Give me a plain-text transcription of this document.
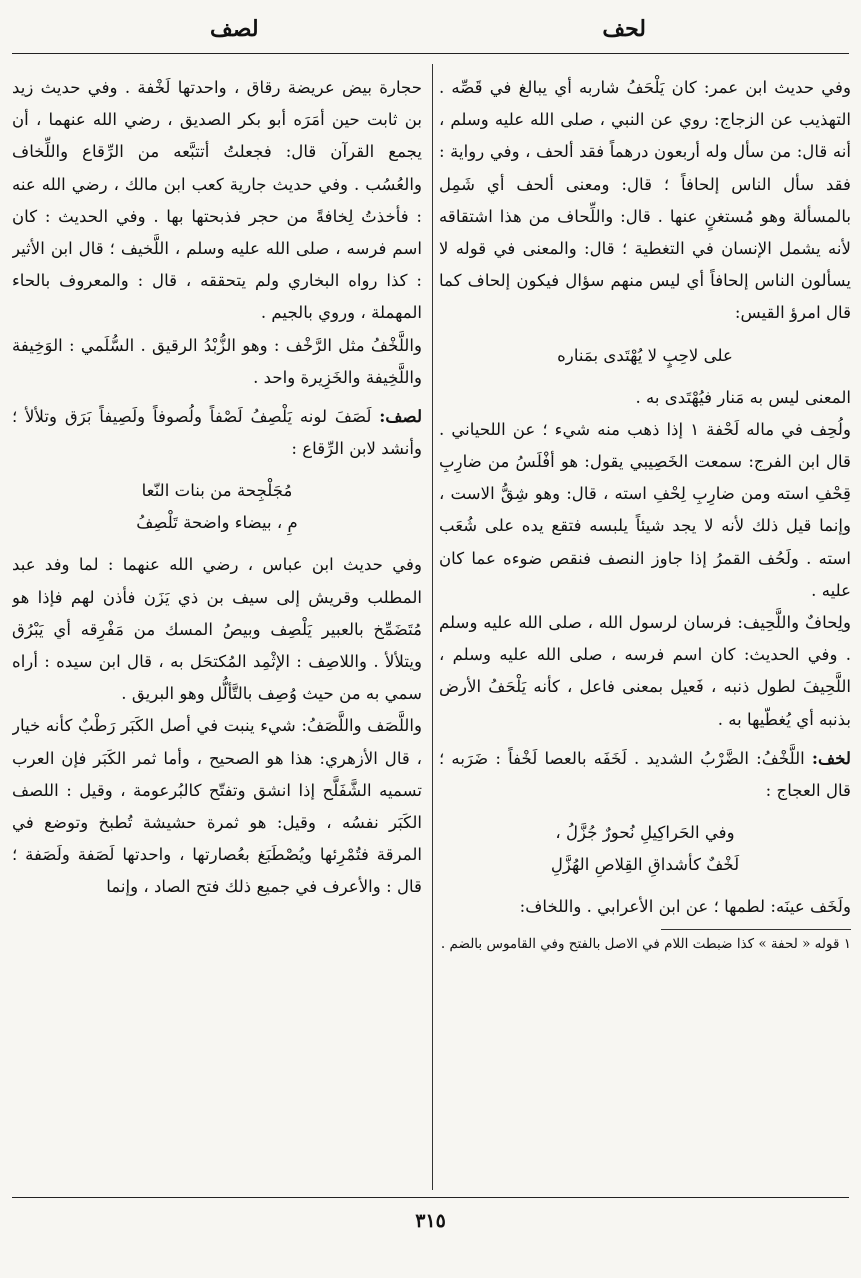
لحف
لصف

وفي حديث ابن عمر: كان يَلْحَفُ شاربه أي يبالغ في قَصِّه . التهذيب عن الزجاج: روي عن النبي ، صلى الله عليه وسلم ، أنه قال: من سأل وله أربعون درهماً فقد ألحف ، وفي رواية : فقد سأل الناس إلحافاً ؛ قال: ومعنى ألحف أي شَمِل بالمسألة وهو مُستغنٍ عنها . قال: واللِّحاف من هذا اشتقاقه لأنه يشمل الإنسان في التغطية ؛ قال: والمعنى في قوله لا يسألون الناس إلحافاً أي ليس منهم سؤال فيكون إلحاف كما قال امرؤ القيس:

على لاحِبٍ لا يُهْتَدى بمَناره

المعنى ليس به مَنار فيُهْتَدى به .

ولُحِف في ماله لَحْفة ١ إذا ذهب منه شيء ؛ عن اللحياني . قال ابن الفرج: سمعت الخَصِيبي يقول: هو أفْلَسُ من ضارِبِ قِحْفِ استه ومن ضارِبِ لِحْفِ استه ، قال: وهو شِقُّ الاست ، وإنما قيل ذلك لأنه لا يجد شيئاً يلبسه فتقع يده على شُعَب استه . ولَحُف القمرُ إذا جاوز النصف فنقص ضوءه عما كان عليه .

ولِحافٌ واللَّحِيف: فرسان لرسول الله ، صلى الله عليه وسلم . وفي الحديث: كان اسم فرسه ، صلى الله عليه وسلم ، اللَّحِيفَ لطول ذنبه ، فَعيل بمعنى فاعل ، كأنه يَلْحَفُ الأرض بذنبه أي يُغطّيها به .

لخف: اللَّخْفُ: الضَّرْبُ الشديد . لَخَفَه بالعصا لَخْفاً : ضَرَبه ؛ قال العجاج :

وفي الحَراكِيلِ نُحورٌ جُزَّلُ ،
لَخْفٌ كأشداقِ القِلاصِ الهُزَّلِ

ولَخَف عينَه: لطمها ؛ عن ابن الأعرابي . واللخاف:

١ قوله « لحفة » كذا ضبطت اللام في الاصل بالفتح وفي القاموس بالضم .

حجارة بيض عريضة رقاق ، واحدتها لَخْفة . وفي حديث زيد بن ثابت حين أمَرَه أبو بكر الصديق ، رضي الله عنهما ، أن يجمع القرآن قال: فجعلتُ أتتبَّعه من الرِّقاع واللِّخاف والعُسُب . وفي حديث جارية كعب ابن مالك ، رضي الله عنه : فأخذتُ لِخافةً من حجر فذبحتها بها . وفي الحديث : كان اسم فرسه ، صلى الله عليه وسلم ، اللَّخيف ؛ قال ابن الأثير : كذا رواه البخاري ولم يتحققه ، قال : والمعروف بالحاء المهملة ، وروي بالجيم .

واللَّخْفُ مثل الرَّخْف : وهو الزُّبْدُ الرقيق . السُّلَمي : الوَخِيفة واللَّخِيفة والخَزِيرة واحد .

لصف: لَصَفَ لونه يَلْصِفُ لَصْفاً ولُصوفاً ولَصِيفاً بَرَق وتلألأ ؛ وأنشد لابن الرِّقاع :

مُجَلْجِحة من بنات النّعا
مِ ، بيضاء واضحة تَلْصِفُ

وفي حديث ابن عباس ، رضي الله عنهما : لما وفد عبد المطلب وقريش إلى سيف بن ذي يَزَن فأذن لهم فإذا هو مُتَضَمِّخ بالعبير يَلْصِف وبيصُ المسك من مَفْرِقه أي يَبْرُق ويتلألأ . واللاصِف : الإثْمِد المُكتحَل به ، قال ابن سيده : أراه سمي به من حيث وُصِف بالتَّألُّل وهو البريق .

واللَّصَف واللَّصَفُ: شيء ينبت في أصل الكَبَر رَطْبٌ كأنه خيار ، قال الأزهري: هذا هو الصحيح ، وأما ثمر الكَبَر فإن العرب تسميه الشَّفَلَّح إذا انشق وتفتّح كالبُرعومة ، وقيل : اللصف الكَبَر نفسُه ، وقيل: هو ثمرة حشيشة تُطبخ وتوضع في المرقة فتُمْرِئها ويُصْطَبَغ بعُصارتها ، واحدتها لَصَفة ولَصَفة ؛ قال : والأعرف في جميع ذلك فتح الصاد ، وإنما

٣١٥
